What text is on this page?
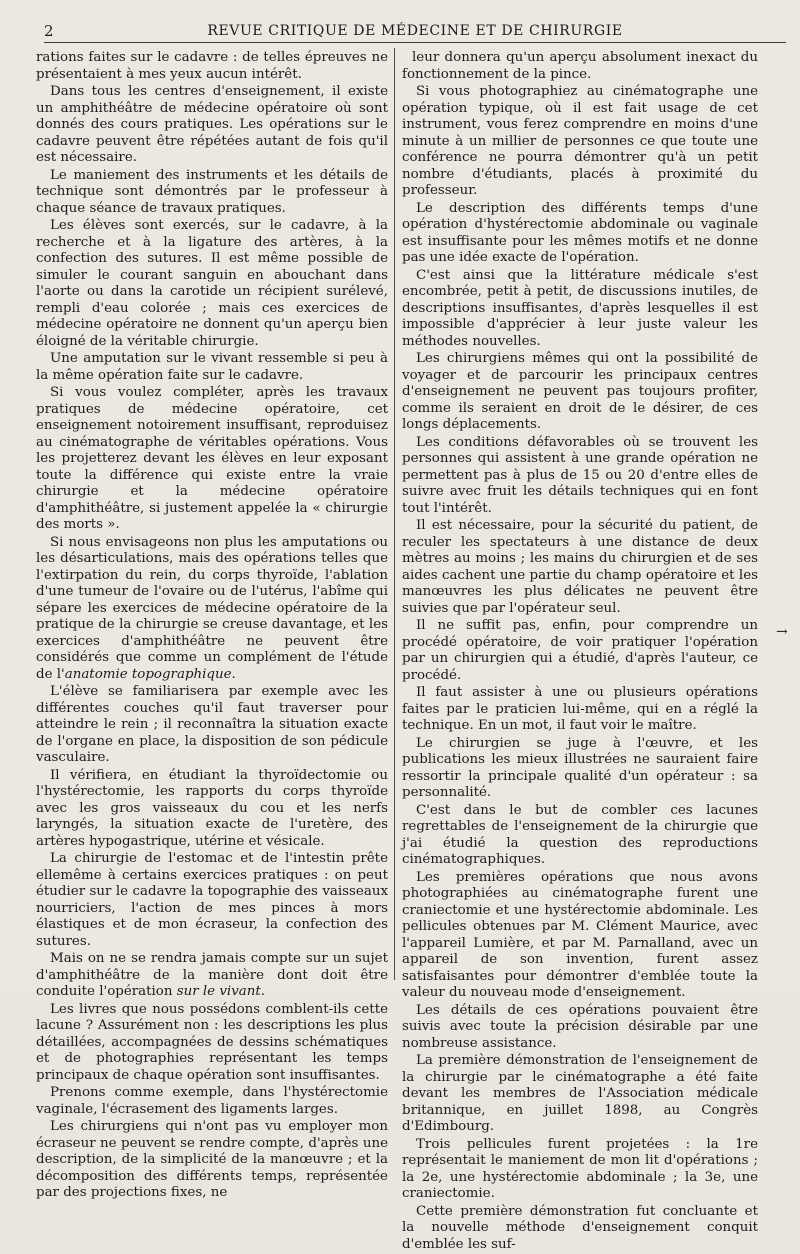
2	REVUE CRITIQUE DE MÉDECINE ET DE CHIRURGIE

rations faites sur le cadavre : de telles épreuves ne présentaient à mes yeux aucun intérêt.

Dans tous les centres d'enseignement, il existe un amphithéâtre de médecine opératoire où sont donnés des cours pratiques. Les opérations sur le cadavre peuvent être répétées autant de fois qu'il est nécessaire.

Le maniement des instruments et les détails de technique sont démontrés par le professeur à chaque séance de travaux pratiques.

Les élèves sont exercés, sur le cadavre, à la recherche et à la ligature des artères, à la confection des sutures. Il est même possible de simuler le courant sanguin en abouchant dans l'aorte ou dans la carotide un récipient surélevé, rempli d'eau colorée ; mais ces exercices de médecine opératoire ne donnent qu'un aperçu bien éloigné de la véritable chirurgie.

Une amputation sur le vivant ressemble si peu à la même opération faite sur le cadavre.

Si vous voulez compléter, après les travaux pratiques de médecine opératoire, cet enseignement notoirement insuffisant, reproduisez au cinématographe de véritables opérations. Vous les projetterez devant les élèves en leur exposant toute la différence qui existe entre la vraie chirurgie et la médecine opératoire d'amphithéâtre, si justement appelée la « chirurgie des morts ».

Si nous envisageons non plus les amputations ou les désarticulations, mais des opérations telles que l'extirpation du rein, du corps thyroïde, l'ablation d'une tumeur de l'ovaire ou de l'utérus, l'abîme qui sépare les exercices de médecine opératoire de la pratique de la chirurgie se creuse davantage, et les exercices d'amphithéâtre ne peuvent être considérés que comme un complément de l'étude de l'anatomie topographique.

L'élève se familiarisera par exemple avec les différentes couches qu'il faut traverser pour atteindre le rein ; il reconnaîtra la situation exacte de l'organe en place, la disposition de son pédicule vasculaire.

Il vérifiera, en étudiant la thyroïdectomie ou l'hystérectomie, les rapports du corps thyroïde avec les gros vaisseaux du cou et les nerfs laryngés, la situation exacte de l'uretère, des artères hypogastrique, utérine et vésicale.

La chirurgie de l'estomac et de l'intestin prête ellemême à certains exercices pratiques : on peut étudier sur le cadavre la topographie des vaisseaux nourriciers, l'action de mes pinces à mors élastiques et de mon écraseur, la confection des sutures.

Mais on ne se rendra jamais compte sur un sujet d'amphithéâtre de la manière dont doit être conduite l'opération sur le vivant.

Les livres que nous possédons comblent-ils cette lacune ? Assurément non : les descriptions les plus détaillées, accompagnées de dessins schématiques et de photographies représentant les temps principaux de chaque opération sont insuffisantes.

Prenons comme exemple, dans l'hystérectomie vaginale, l'écrasement des ligaments larges.

Les chirurgiens qui n'ont pas vu employer mon écraseur ne peuvent se rendre compte, d'après une description, de la simplicité de la manœuvre ; et la décomposition des différents temps, représentée par des projections fixes, ne

leur donnera qu'un aperçu absolument inexact du fonctionnement de la pince.

Si vous photographiez au cinématographe une opération typique, où il est fait usage de cet instrument, vous ferez comprendre en moins d'une minute à un millier de personnes ce que toute une conférence ne pourra démontrer qu'à un petit nombre d'étudiants, placés à proximité du professeur.

Le description des différents temps d'une opération d'hystérectomie abdominale ou vaginale est insuffisante pour les mêmes motifs et ne donne pas une idée exacte de l'opération.

C'est ainsi que la littérature médicale s'est encombrée, petit à petit, de discussions inutiles, de descriptions insuffisantes, d'après lesquelles il est impossible d'apprécier à leur juste valeur les méthodes nouvelles.

Les chirurgiens mêmes qui ont la possibilité de voyager et de parcourir les principaux centres d'enseignement ne peuvent pas toujours profiter, comme ils seraient en droit de le désirer, de ces longs déplacements.

Les conditions défavorables où se trouvent les personnes qui assistent à une grande opération ne permettent pas à plus de 15 ou 20 d'entre elles de suivre avec fruit les détails techniques qui en font tout l'intérêt.

Il est nécessaire, pour la sécurité du patient, de reculer les spectateurs à une distance de deux mètres au moins ; les mains du chirurgien et de ses aides cachent une partie du champ opératoire et les manœuvres les plus délicates ne peuvent être suivies que par l'opérateur seul.

Il ne suffit pas, enfin, pour comprendre un procédé opératoire, de voir pratiquer l'opération par un chirurgien qui a étudié, d'après l'auteur, ce procédé.

Il faut assister à une ou plusieurs opérations faites par le praticien lui-même, qui en a réglé la technique. En un mot, il faut voir le maître.

Le chirurgien se juge à l'œuvre, et les publications les mieux illustrées ne sauraient faire ressortir la principale qualité d'un opérateur : sa personnalité.

C'est dans le but de combler ces lacunes regrettables de l'enseignement de la chirurgie que j'ai étudié la question des reproductions cinématographiques.

Les premières opérations que nous avons photographiées au cinématographe furent une craniectomie et une hystérectomie abdominale. Les pellicules obtenues par M. Clément Maurice, avec l'appareil Lumière, et par M. Parnalland, avec un appareil de son invention, furent assez satisfaisantes pour démontrer d'emblée toute la valeur du nouveau mode d'enseignement.

Les détails de ces opérations pouvaient être suivis avec toute la précision désirable par une nombreuse assistance.

La première démonstration de l'enseignement de la chirurgie par le cinématographe a été faite devant les membres de l'Association médicale britannique, en juillet 1898, au Congrès d'Edimbourg.

Trois pellicules furent projetées : la 1re représentait le maniement de mon lit d'opérations ; la 2e, une hystérectomie abdominale ; la 3e, une craniectomie.

Cette première démonstration fut concluante et la nouvelle méthode d'enseignement conquit d'emblée les suf-

→
